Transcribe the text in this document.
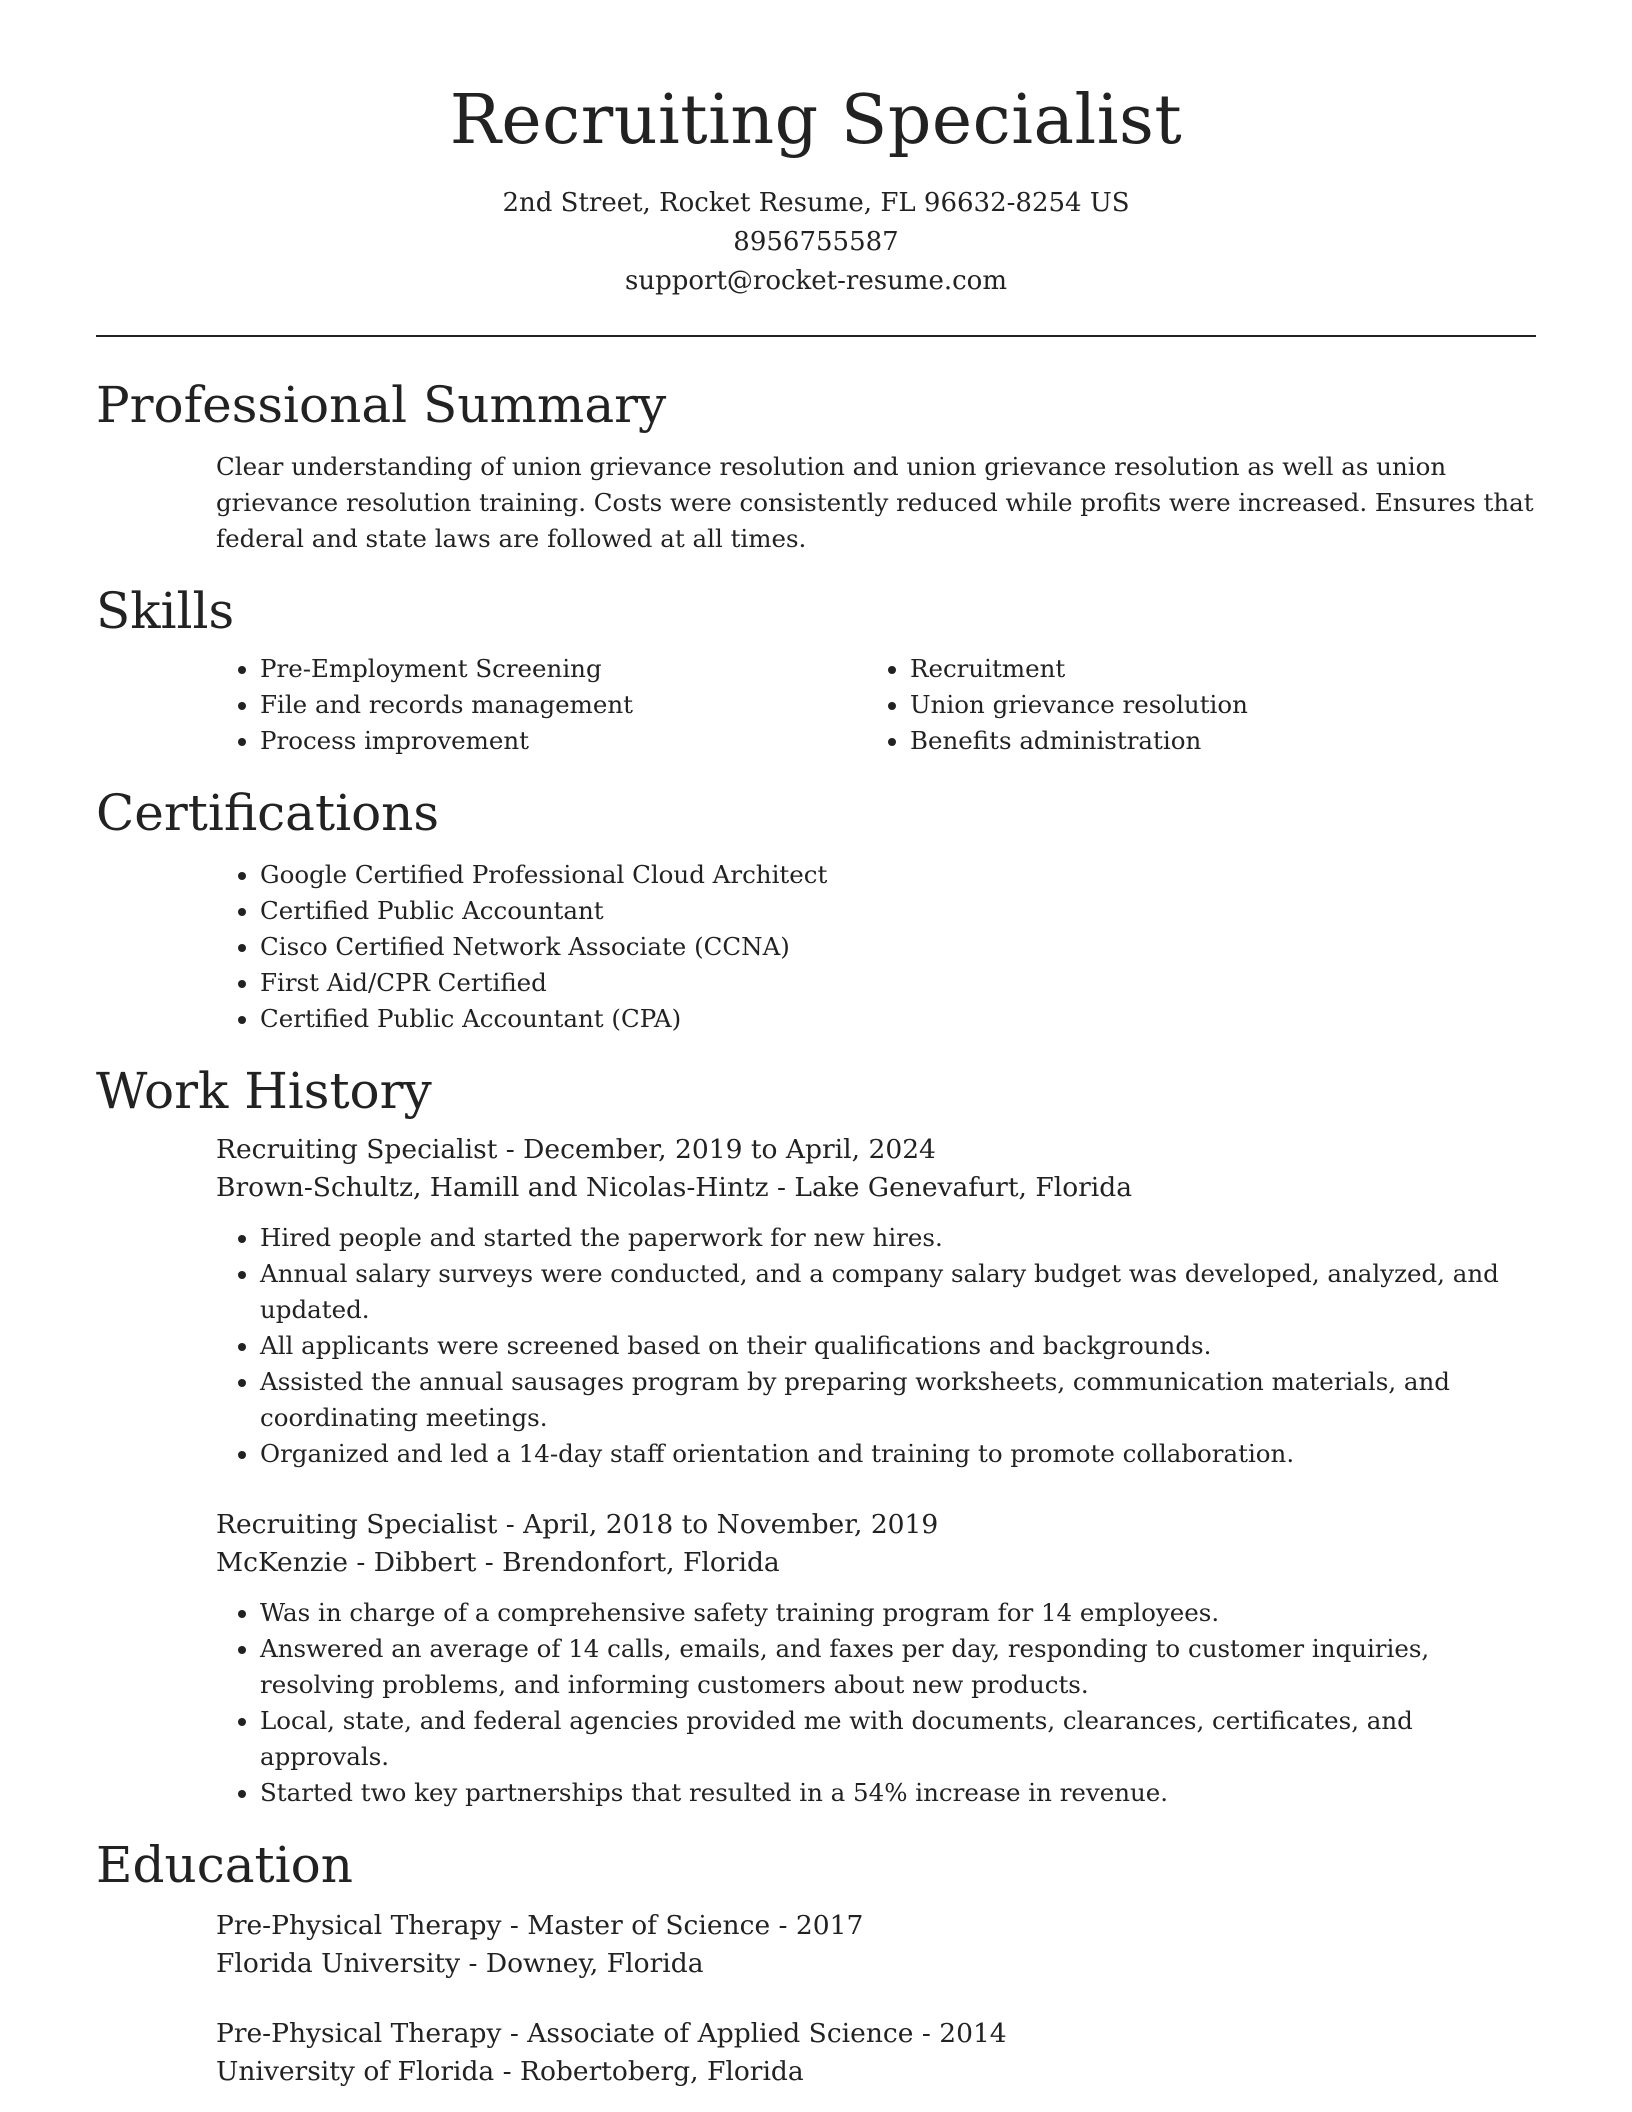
Recruiting Specialist
2nd Street, Rocket Resume, FL 96632-8254 US
8956755587
support@rocket-resume.com
Professional Summary

Clear understanding of union grievance resolution and union grievance resolution as well as union grievance resolution training. Costs were consistently reduced while profits were increased. Ensures that federal and state laws are followed at all times.

Skills
• Pre-Employment Screening
• File and records management
• Process improvement
• Recruitment
• Union grievance resolution
• Benefits administration
Certifications
• Google Certified Professional Cloud Architect
• Certified Public Accountant
• Cisco Certified Network Associate (CCNA)
• First Aid/CPR Certified
• Certified Public Accountant (CPA)
Work History
Recruiting Specialist - December, 2019 to April, 2024
Brown-Schultz, Hamill and Nicolas-Hintz - Lake Genevafurt, Florida
• Hired people and started the paperwork for new hires.
• Annual salary surveys were conducted, and a company salary budget was developed, analyzed, and updated.
• All applicants were screened based on their qualifications and backgrounds.
• Assisted the annual sausages program by preparing worksheets, communication materials, and coordinating meetings.
• Organized and led a 14-day staff orientation and training to promote collaboration.
Recruiting Specialist - April, 2018 to November, 2019
McKenzie - Dibbert - Brendonfort, Florida
• Was in charge of a comprehensive safety training program for 14 employees.
• Answered an average of 14 calls, emails, and faxes per day, responding to customer inquiries, resolving problems, and informing customers about new products.
• Local, state, and federal agencies provided me with documents, clearances, certificates, and approvals.
• Started two key partnerships that resulted in a 54% increase in revenue.
Education
Pre-Physical Therapy - Master of Science - 2017
Florida University - Downey, Florida
Pre-Physical Therapy - Associate of Applied Science - 2014
University of Florida - Robertoberg, Florida
